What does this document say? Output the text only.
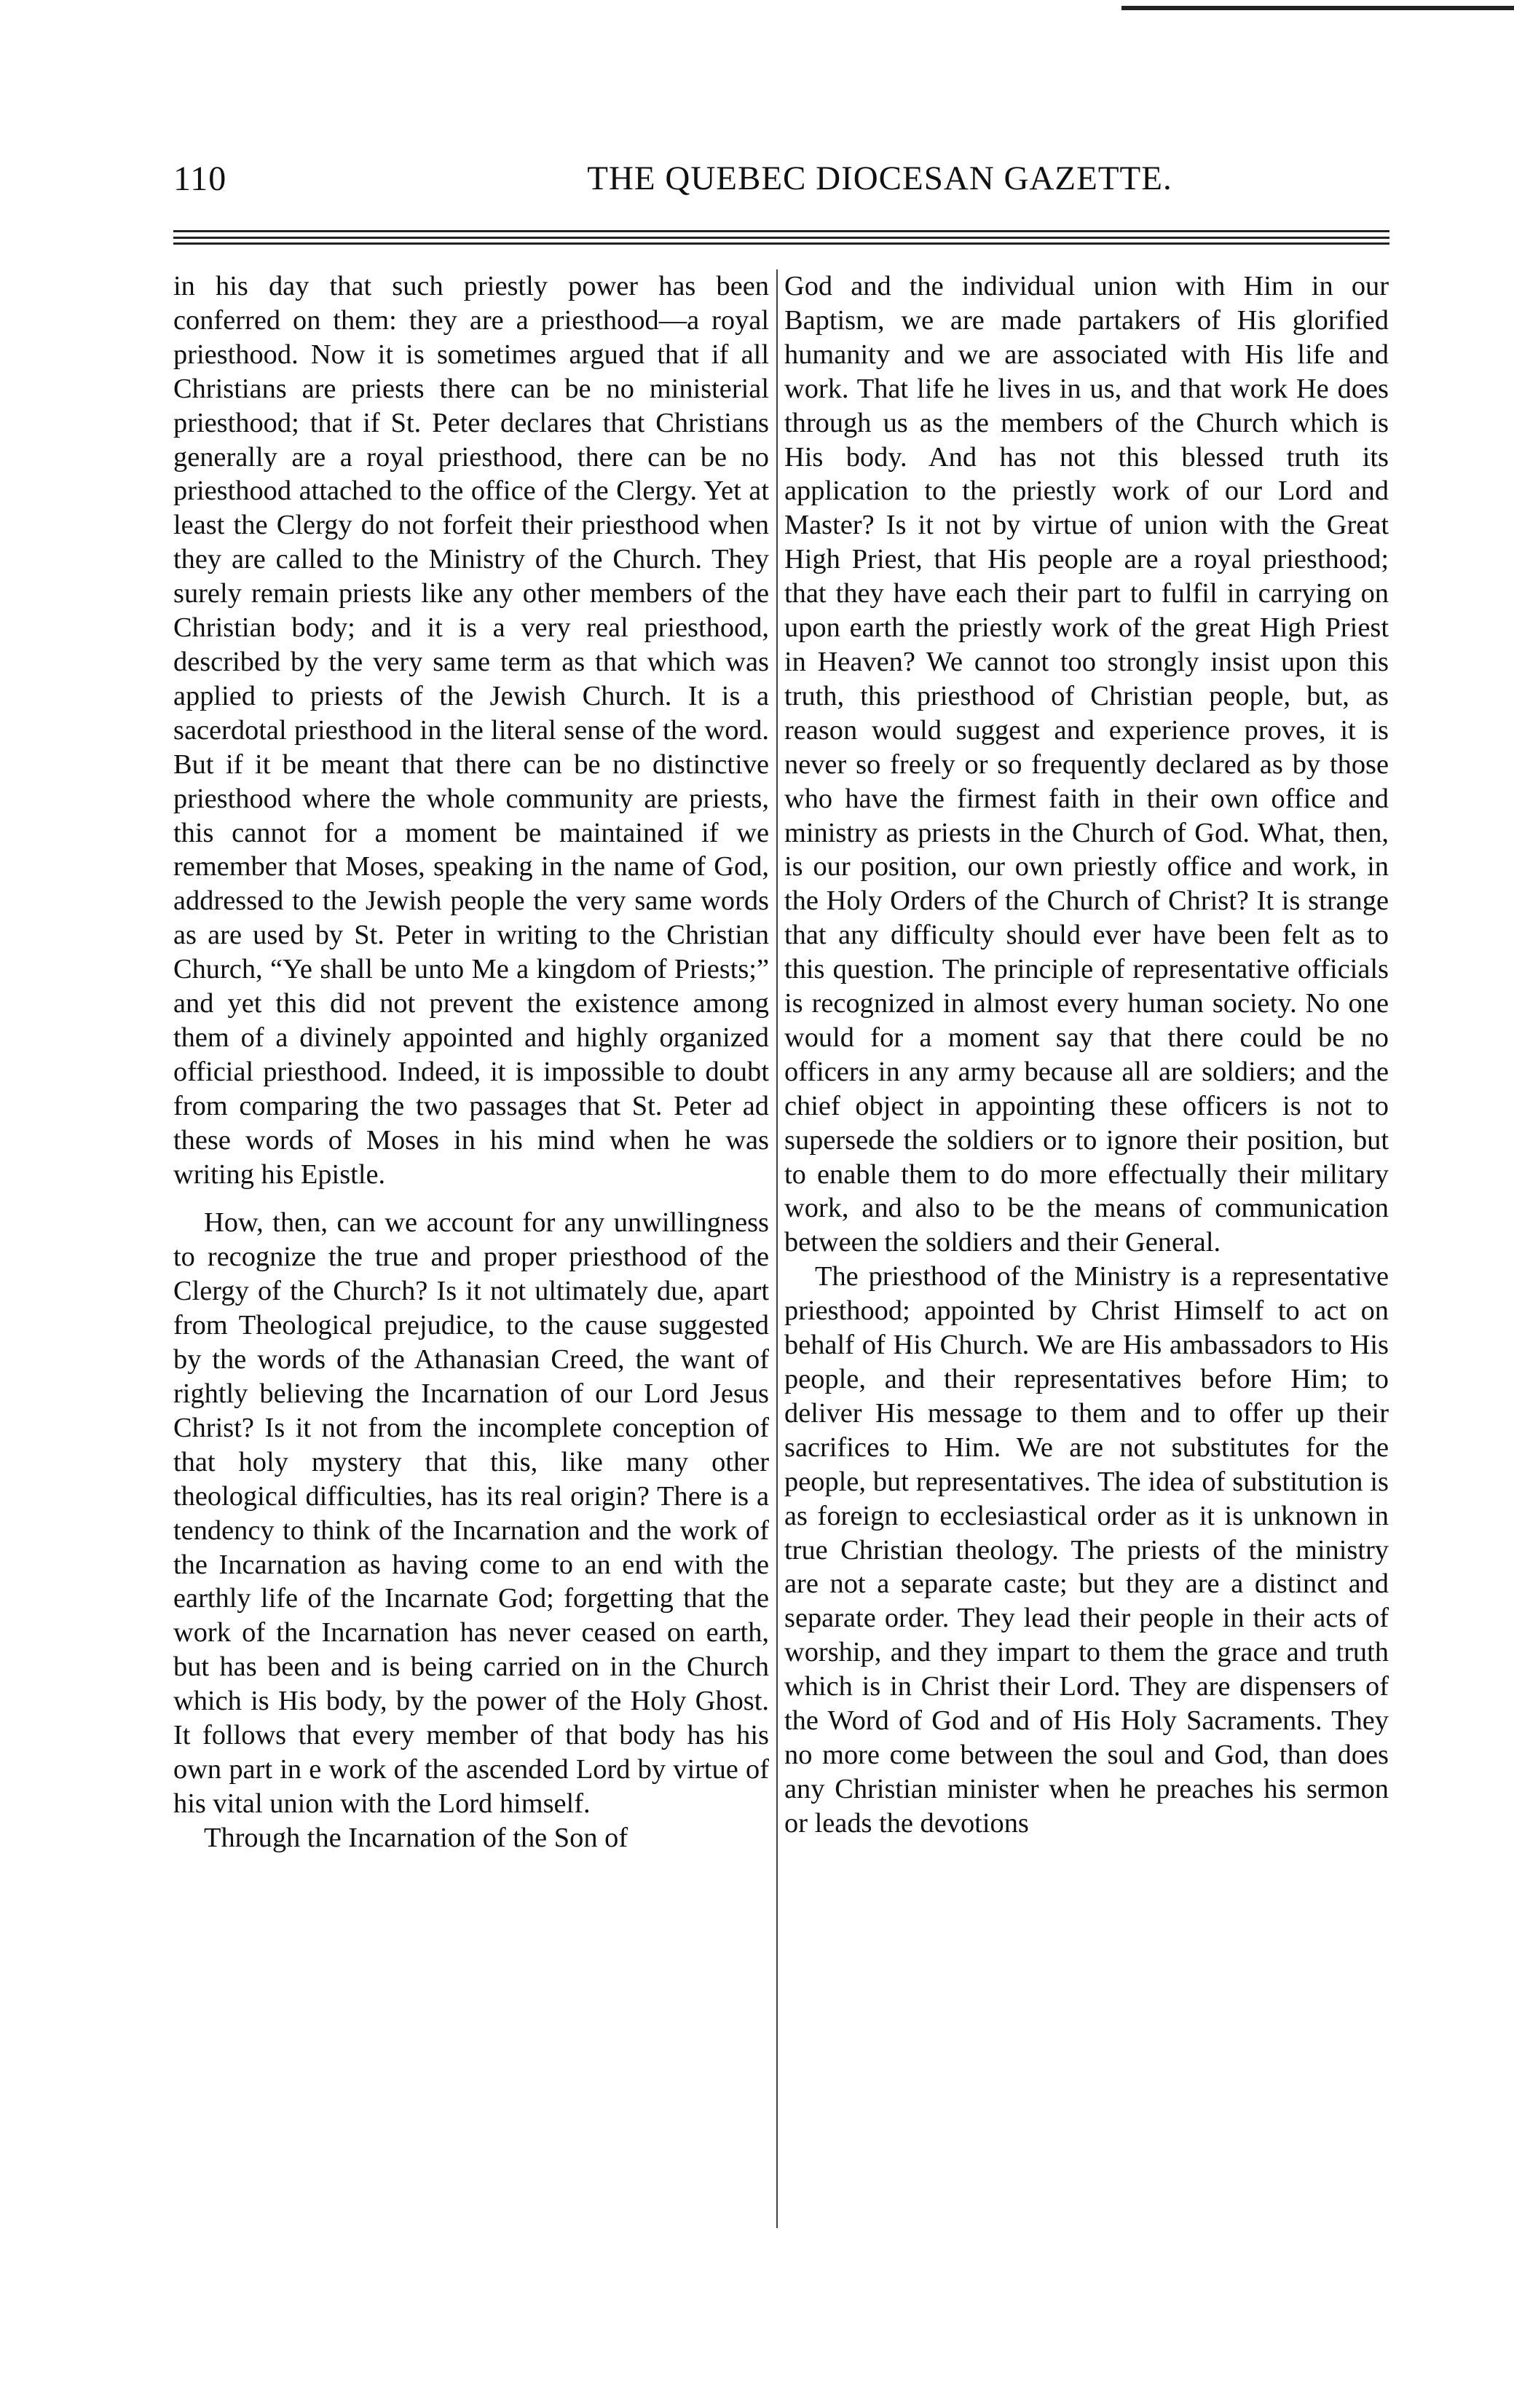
110	THE QUEBEC DIOCESAN GAZETTE.

in his day that such priestly power has been conferred on them: they are a priesthood—a royal priesthood. Now it is sometimes argued that if all Christians are priests there can be no ministerial priesthood; that if St. Peter declares that Christians generally are a royal priesthood, there can be no priesthood attached to the office of the Clergy. Yet at least the Clergy do not forfeit their priesthood when they are called to the Ministry of the Church. They surely remain priests like any other members of the Christian body; and it is a very real priesthood, described by the very same term as that which was applied to priests of the Jewish Church. It is a sacerdotal priesthood in the literal sense of the word. But if it be meant that there can be no distinctive priesthood where the whole community are priests, this cannot for a moment be maintained if we remember that Moses, speaking in the name of God, addressed to the Jewish people the very same words as are used by St. Peter in writing to the Christian Church, “Ye shall be unto Me a kingdom of Priests;” and yet this did not prevent the existence among them of a divinely appointed and highly organized official priesthood. Indeed, it is impossible to doubt from comparing the two passages that St. Peter ad these words of Moses in his mind when he was writing his Epistle.

How, then, can we account for any unwillingness to recognize the true and proper priesthood of the Clergy of the Church? Is it not ultimately due, apart from Theological prejudice, to the cause suggested by the words of the Athanasian Creed, the want of rightly believing the Incarnation of our Lord Jesus Christ? Is it not from the incomplete conception of that holy mystery that this, like many other theological difficulties, has its real origin? There is a tendency to think of the Incarnation and the work of the Incarnation as having come to an end with the earthly life of the Incarnate God; forgetting that the work of the Incarnation has never ceased on earth, but has been and is being carried on in the Church which is His body, by the power of the Holy Ghost. It follows that every member of that body has his own part in e work of the ascended Lord by virtue of his vital union with the Lord himself.

Through the Incarnation of the Son of

God and the individual union with Him in our Baptism, we are made partakers of His glorified humanity and we are associated with His life and work. That life he lives in us, and that work He does through us as the members of the Church which is His body. And has not this blessed truth its application to the priestly work of our Lord and Master? Is it not by virtue of union with the Great High Priest, that His people are a royal priesthood; that they have each their part to fulfil in carrying on upon earth the priestly work of the great High Priest in Heaven? We cannot too strongly insist upon this truth, this priesthood of Christian people, but, as reason would suggest and experience proves, it is never so freely or so frequently declared as by those who have the firmest faith in their own office and ministry as priests in the Church of God. What, then, is our position, our own priestly office and work, in the Holy Orders of the Church of Christ? It is strange that any difficulty should ever have been felt as to this question. The principle of representative officials is recognized in almost every human society. No one would for a moment say that there could be no officers in any army because all are soldiers; and the chief object in appointing these officers is not to supersede the soldiers or to ignore their position, but to enable them to do more effectually their military work, and also to be the means of communication between the soldiers and their General.

The priesthood of the Ministry is a representative priesthood; appointed by Christ Himself to act on behalf of His Church. We are His ambassadors to His people, and their representatives before Him; to deliver His message to them and to offer up their sacrifices to Him. We are not substitutes for the people, but representatives. The idea of substitution is as foreign to ecclesiastical order as it is unknown in true Christian theology. The priests of the ministry are not a separate caste; but they are a distinct and separate order. They lead their people in their acts of worship, and they impart to them the grace and truth which is in Christ their Lord. They are dispensers of the Word of God and of His Holy Sacraments. They no more come between the soul and God, than does any Christian minister when he preaches his sermon or leads the devotions
